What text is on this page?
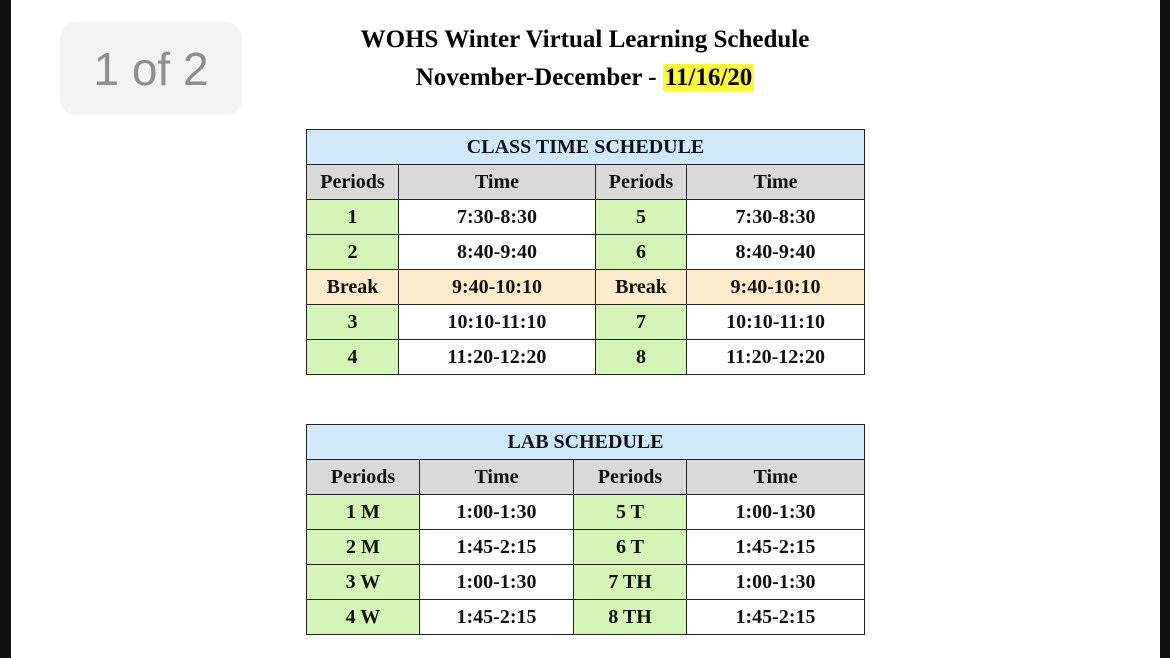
1 of 2
WOHS Winter Virtual Learning Schedule
November-December - 11/16/20
CLASS TIME SCHEDULE			
Periods	Time	Periods	Time
1	7:30-8:30	5	7:30-8:30
2	8:40-9:40	6	8:40-9:40
Break	9:40-10:10	Break	9:40-10:10
3	10:10-11:10	7	10:10-11:10
4	11:20-12:20	8	11:20-12:20
LAB SCHEDULE			
Periods	Time	Periods	Time
1 M	1:00-1:30	5 T	1:00-1:30
2 M	1:45-2:15	6 T	1:45-2:15
3 W	1:00-1:30	7 TH	1:00-1:30
4 W	1:45-2:15	8 TH	1:45-2:15
